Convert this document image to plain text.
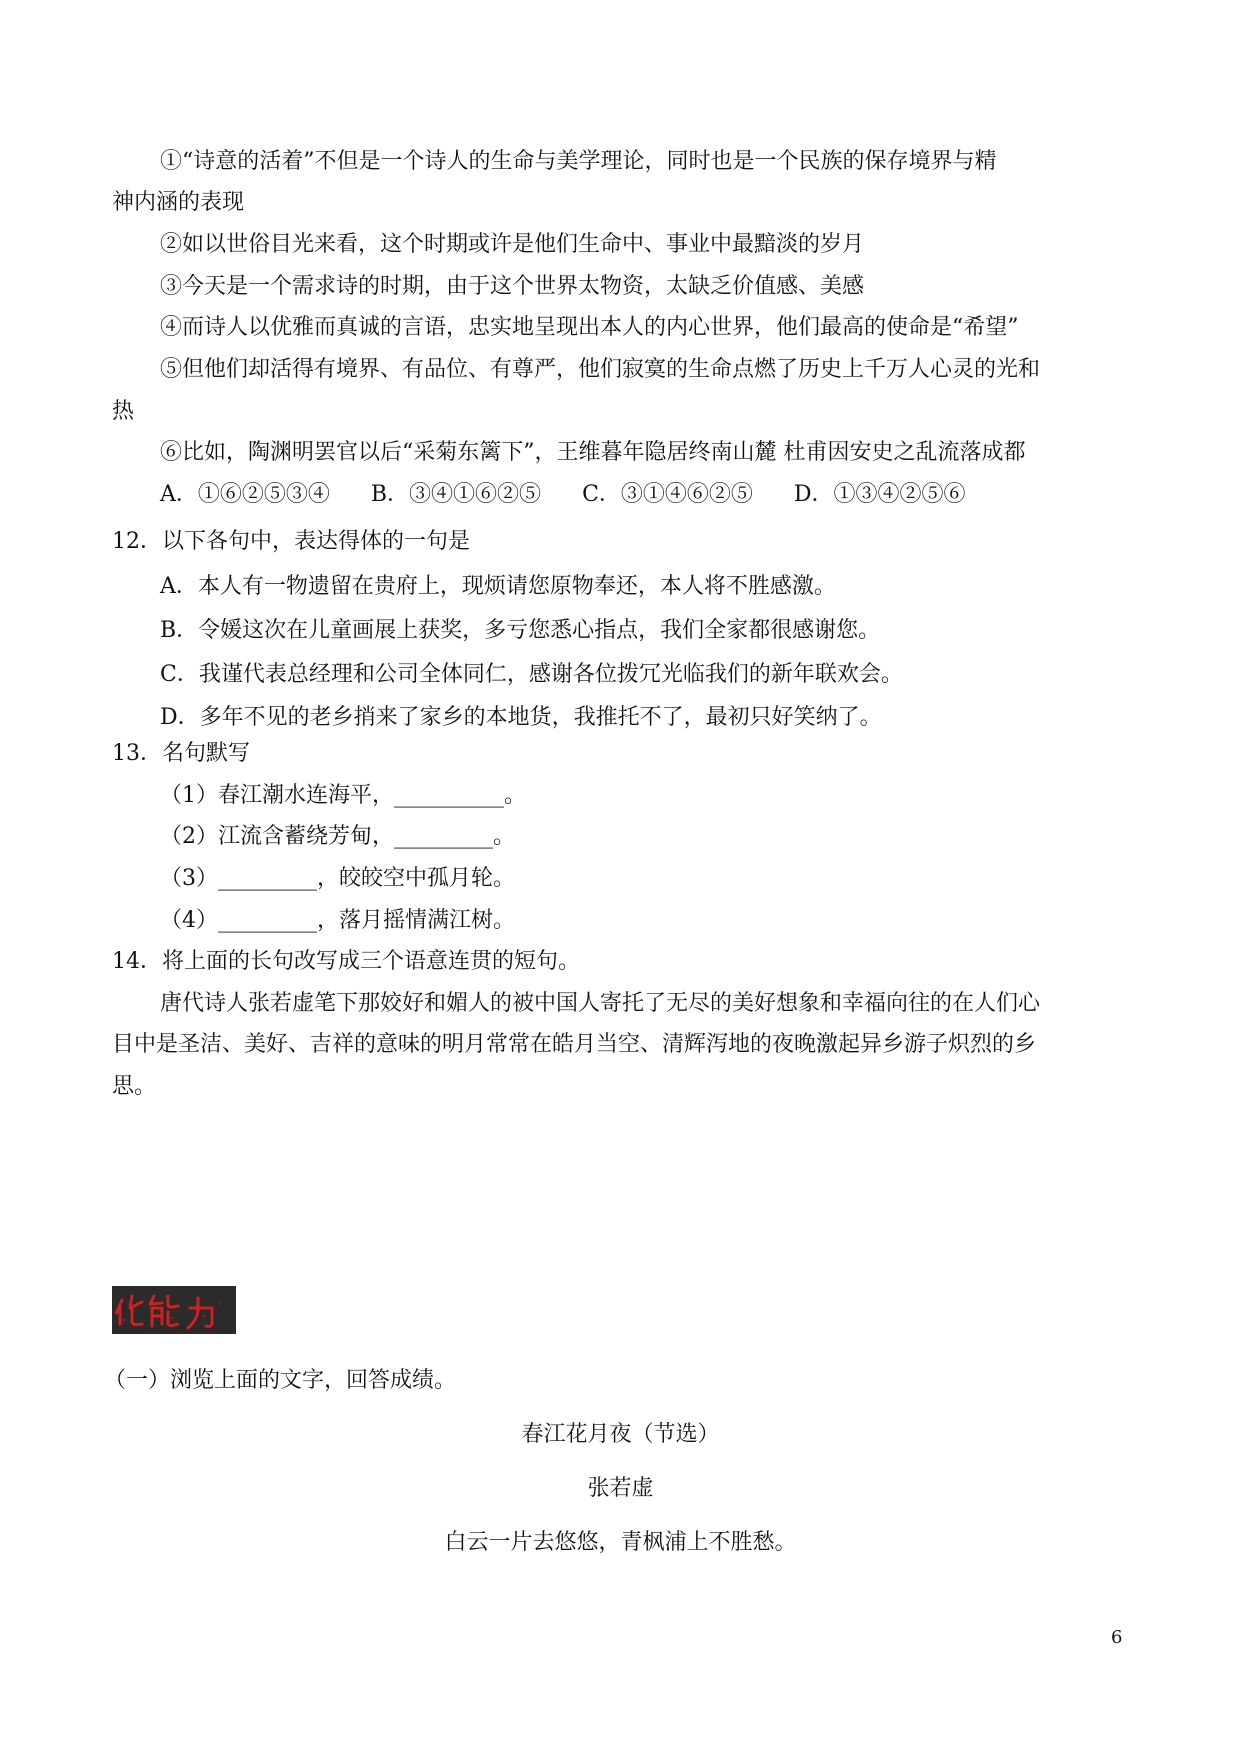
①“诗意的活着”不但是一个诗人的生命与美学理论，同时也是一个民族的保存境界与精
神内涵的表现
②如以世俗目光来看，这个时期或许是他们生命中、事业中最黯淡的岁月
③今天是一个需求诗的时期，由于这个世界太物资，太缺乏价值感、美感
④而诗人以优雅而真诚的言语，忠实地呈现出本人的内心世界，他们最高的使命是“希望”
⑤但他们却活得有境界、有品位、有尊严，他们寂寞的生命点燃了历史上千万人心灵的光和
热
⑥比如，陶渊明罢官以后“采菊东篱下”，王维暮年隐居终南山麓 杜甫因安史之乱流落成都
A．①⑥②⑤③④ B．③④①⑥②⑤ C．③①④⑥②⑤ D．①③④②⑤⑥
12．以下各句中，表达得体的一句是
A．本人有一物遗留在贵府上，现烦请您原物奉还，本人将不胜感激。
B．令媛这次在儿童画展上获奖，多亏您悉心指点，我们全家都很感谢您。
C．我谨代表总经理和公司全体同仁，感谢各位拨冗光临我们的新年联欢会。
D．多年不见的老乡捎来了家乡的本地货，我推托不了，最初只好笑纳了。
13．名句默写
（1）春江潮水连海平，__________。
（2）江流含蓄绕芳甸，_________。
（3）_________，皎皎空中孤月轮。
（4）_________，落月摇情满江树。
14．将上面的长句改写成三个语意连贯的短句。
唐代诗人张若虚笔下那姣好和媚人的被中国人寄托了无尽的美好想象和幸福向往的在人们心
目中是圣洁、美好、吉祥的意味的明月常常在皓月当空、清辉泻地的夜晚激起异乡游子炽烈的乡
思。
（一）浏览上面的文字，回答成绩。
春江花月夜（节选）
张若虚
白云一片去悠悠，青枫浦上不胜愁。
6
